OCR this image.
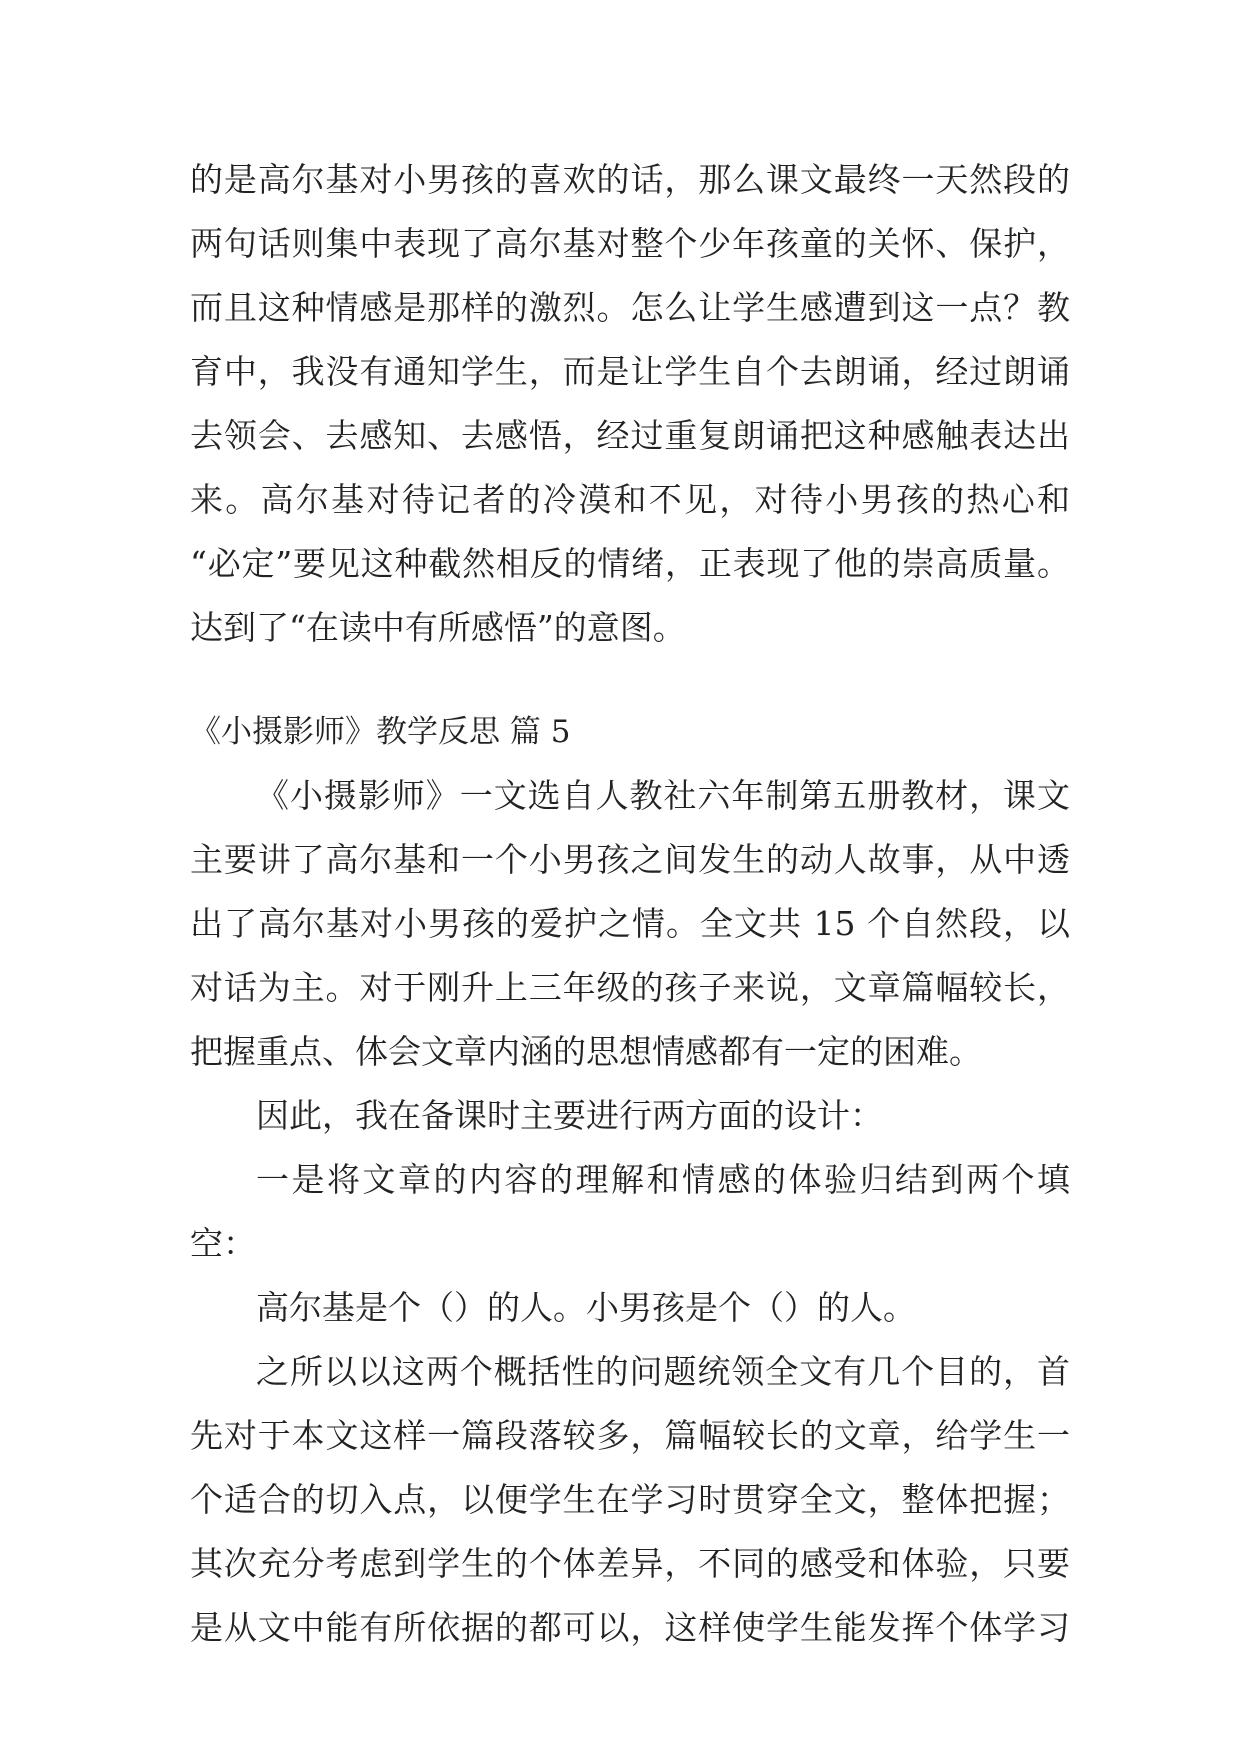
的是高尔基对小男孩的喜欢的话，那么课文最终一天然段的
两句话则集中表现了高尔基对整个少年孩童的关怀、保护，
而且这种情感是那样的激烈。怎么让学生感遭到这一点？教
育中，我没有通知学生，而是让学生自个去朗诵，经过朗诵
去领会、去感知、去感悟，经过重复朗诵把这种感触表达出
来。高尔基对待记者的冷漠和不见，对待小男孩的热心和
“必定”要见这种截然相反的情绪，正表现了他的崇高质量。
达到了“在读中有所感悟”的意图。
《小摄影师》教学反思 篇 5
《小摄影师》一文选自人教社六年制第五册教材，课文
主要讲了高尔基和一个小男孩之间发生的动人故事，从中透
出了高尔基对小男孩的爱护之情。全文共 15 个自然段，以
对话为主。对于刚升上三年级的孩子来说，文章篇幅较长，
把握重点、体会文章内涵的思想情感都有一定的困难。
因此，我在备课时主要进行两方面的设计：
一是将文章的内容的理解和情感的体验归结到两个填
空：
高尔基是个（）的人。小男孩是个（）的人。
之所以以这两个概括性的问题统领全文有几个目的，首
先对于本文这样一篇段落较多，篇幅较长的文章，给学生一
个适合的切入点，以便学生在学习时贯穿全文，整体把握；
其次充分考虑到学生的个体差异，不同的感受和体验，只要
是从文中能有所依据的都可以，这样使学生能发挥个体学习
